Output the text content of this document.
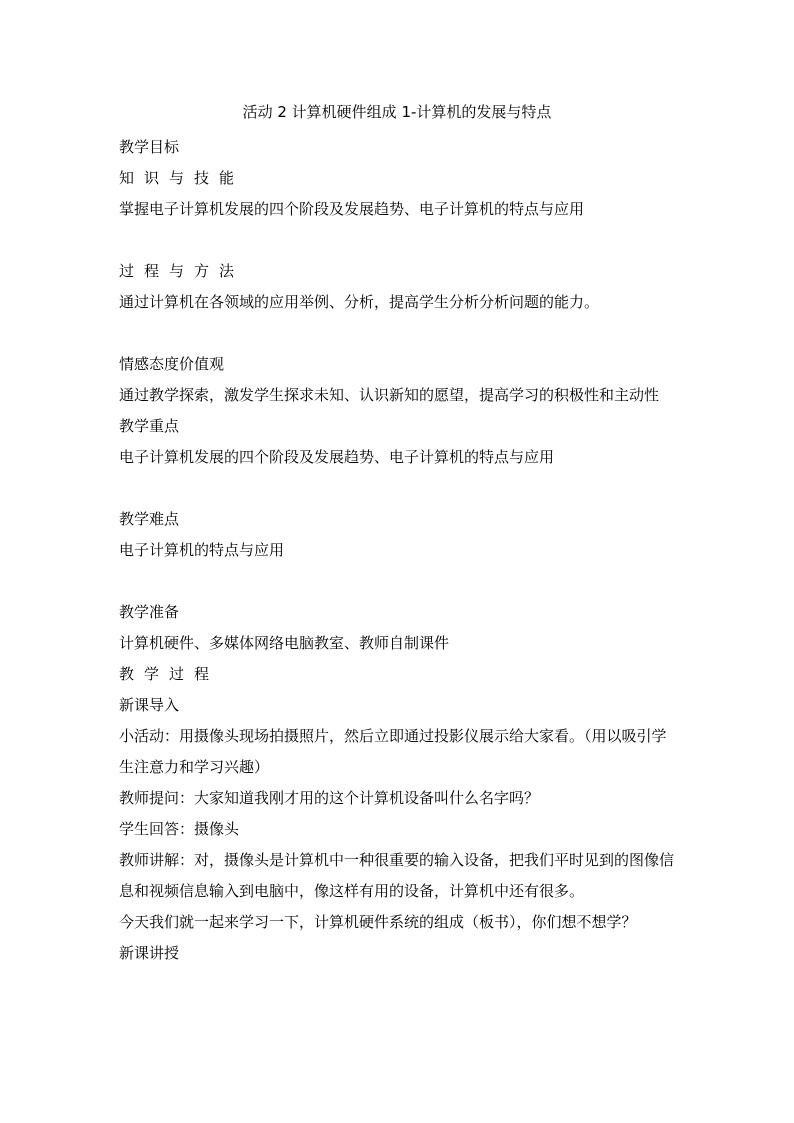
活动 2 计算机硬件组成 1-计算机的发展与特点
教学目标
知识与技能
掌握电子计算机发展的四个阶段及发展趋势、电子计算机的特点与应用
过程与方法
通过计算机在各领域的应用举例、分析，提高学生分析分析问题的能力。
情感态度价值观
通过教学探索，激发学生探求未知、认识新知的愿望，提高学习的积极性和主动性
教学重点
电子计算机发展的四个阶段及发展趋势、电子计算机的特点与应用
教学难点
电子计算机的特点与应用
教学准备
计算机硬件、多媒体网络电脑教室、教师自制课件
教学过程
新课导入
小活动：用摄像头现场拍摄照片，然后立即通过投影仪展示给大家看。（用以吸引学生注意力和学习兴趣）
教师提问：大家知道我刚才用的这个计算机设备叫什么名字吗？
学生回答：摄像头
教师讲解：对，摄像头是计算机中一种很重要的输入设备，把我们平时见到的图像信息和视频信息输入到电脑中，像这样有用的设备，计算机中还有很多。
今天我们就一起来学习一下，计算机硬件系统的组成（板书），你们想不想学？
新课讲授
